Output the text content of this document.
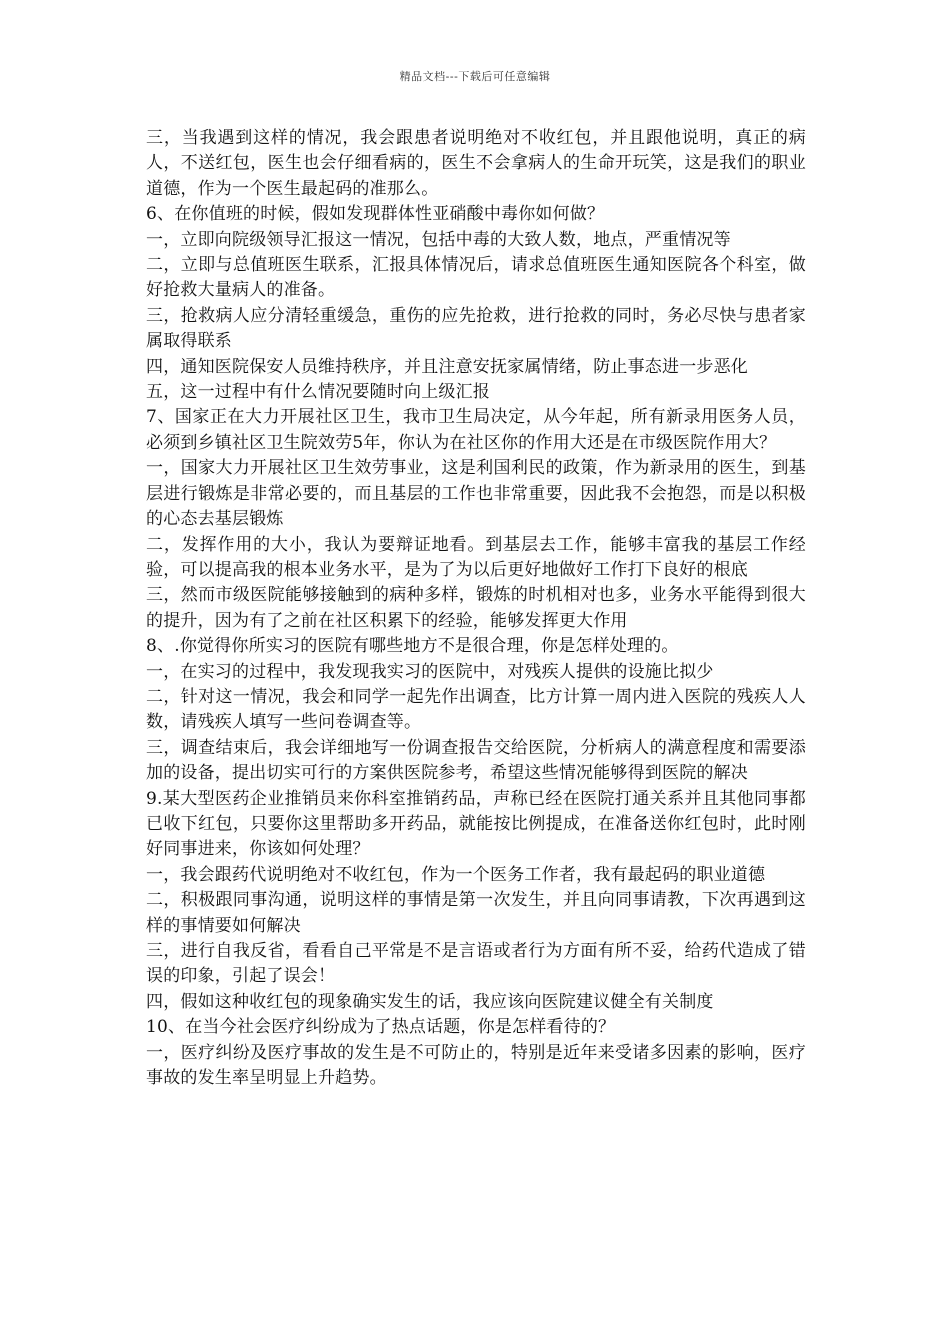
精品文档---下载后可任意编辑

三，当我遇到这样的情况，我会跟患者说明绝对不收红包，并且跟他说明，真正的病人，不送红包，医生也会仔细看病的，医生不会拿病人的生命开玩笑，这是我们的职业道德，作为一个医生最起码的准那么。

6、在你值班的时候，假如发现群体性亚硝酸中毒你如何做？

一，立即向院级领导汇报这一情况，包括中毒的大致人数，地点，严重情况等

二，立即与总值班医生联系，汇报具体情况后，请求总值班医生通知医院各个科室，做好抢救大量病人的准备。

三，抢救病人应分清轻重缓急，重伤的应先抢救，进行抢救的同时，务必尽快与患者家属取得联系

四，通知医院保安人员维持秩序，并且注意安抚家属情绪，防止事态进一步恶化

五，这一过程中有什么情况要随时向上级汇报

7、国家正在大力开展社区卫生，我市卫生局决定，从今年起，所有新录用医务人员，必须到乡镇社区卫生院效劳5年，你认为在社区你的作用大还是在市级医院作用大？

一，国家大力开展社区卫生效劳事业，这是利国利民的政策，作为新录用的医生，到基层进行锻炼是非常必要的，而且基层的工作也非常重要，因此我不会抱怨，而是以积极的心态去基层锻炼

二，发挥作用的大小，我认为要辩证地看。到基层去工作，能够丰富我的基层工作经验，可以提高我的根本业务水平，是为了为以后更好地做好工作打下良好的根底

三，然而市级医院能够接触到的病种多样，锻炼的时机相对也多，业务水平能得到很大的提升，因为有了之前在社区积累下的经验，能够发挥更大作用

8、.你觉得你所实习的医院有哪些地方不是很合理，你是怎样处理的。

一，在实习的过程中，我发现我实习的医院中，对残疾人提供的设施比拟少

二，针对这一情况，我会和同学一起先作出调查，比方计算一周内进入医院的残疾人人数，请残疾人填写一些问卷调查等。

三，调查结束后，我会详细地写一份调查报告交给医院，分析病人的满意程度和需要添加的设备，提出切实可行的方案供医院参考，希望这些情况能够得到医院的解决

9.某大型医药企业推销员来你科室推销药品，声称已经在医院打通关系并且其他同事都已收下红包，只要你这里帮助多开药品，就能按比例提成，在准备送你红包时，此时刚好同事进来，你该如何处理？

一，我会跟药代说明绝对不收红包，作为一个医务工作者，我有最起码的职业道德

二，积极跟同事沟通，说明这样的事情是第一次发生，并且向同事请教，下次再遇到这样的事情要如何解决

三，进行自我反省，看看自己平常是不是言语或者行为方面有所不妥，给药代造成了错误的印象，引起了误会！

四，假如这种收红包的现象确实发生的话，我应该向医院建议健全有关制度

10、在当今社会医疗纠纷成为了热点话题，你是怎样看待的？

一，医疗纠纷及医疗事故的发生是不可防止的，特别是近年来受诸多因素的影响，医疗事故的发生率呈明显上升趋势。
